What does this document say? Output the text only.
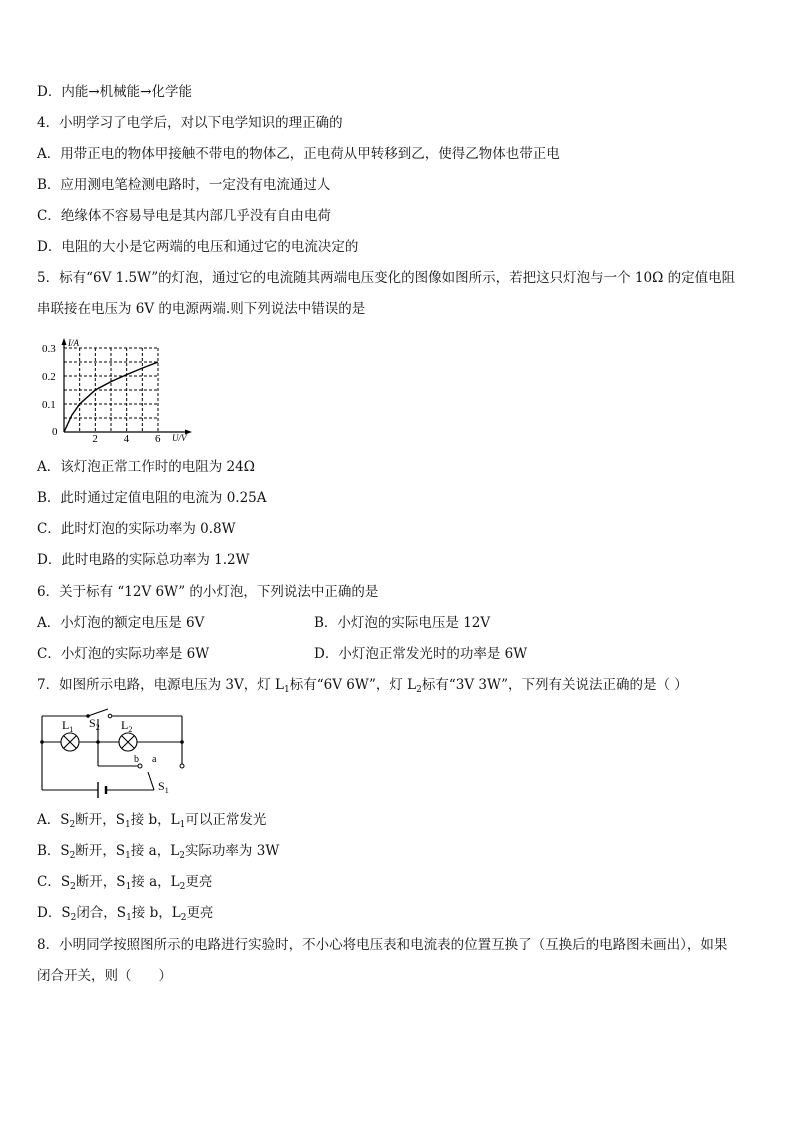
D．内能→机械能→化学能
4．小明学习了电学后，对以下电学知识的理正确的
A．用带正电的物体甲接触不带电的物体乙，正电荷从甲转移到乙，使得乙物体也带正电
B．应用测电笔检测电路时，一定没有电流通过人
C．绝缘体不容易导电是其内部几乎没有自由电荷
D．电阻的大小是它两端的电压和通过它的电流决定的
5．标有“6V 1.5W”的灯泡，通过它的电流随其两端电压变化的图像如图所示，若把这只灯泡与一个 10Ω 的定值电阻
串联接在电压为 6V 的电源两端.则下列说法中错误的是
I/A
U/V
0
0.3
0.2
0.1
2 4 6
A．该灯泡正常工作时的电阻为 24Ω
B．此时通过定值电阻的电流为 0.25A
C．此时灯泡的实际功率为 0.8W
D．此时电路的实际总功率为 1.2W
6．关于标有 “12V 6W” 的小灯泡，下列说法中正确的是
A．小灯泡的额定电压是 6V	B．小灯泡的实际电压是 12V
C．小灯泡的实际功率是 6W	D．小灯泡正常发光时的功率是 6W
7．如图所示电路，电源电压为 3V，灯 $L_1$标有“6V 6W”，灯 $L_2$标有“3V 3W”，下列有关说法正确的是（ ）
$L_1$ $S_2$ $L_2$
b a
$S_1$
A．$S_2$断开，$S_1$接 b，$L_1$可以正常发光
B．$S_2$断开，$S_1$接 a，$L_2$实际功率为 3W
C．$S_2$断开，$S_1$接 a，$L_2$更亮
D．$S_2$闭合，$S_1$接 b，$L_2$更亮
8．小明同学按照图所示的电路进行实验时，不小心将电压表和电流表的位置互换了（互换后的电路图未画出），如果
闭合开关，则（　　）
